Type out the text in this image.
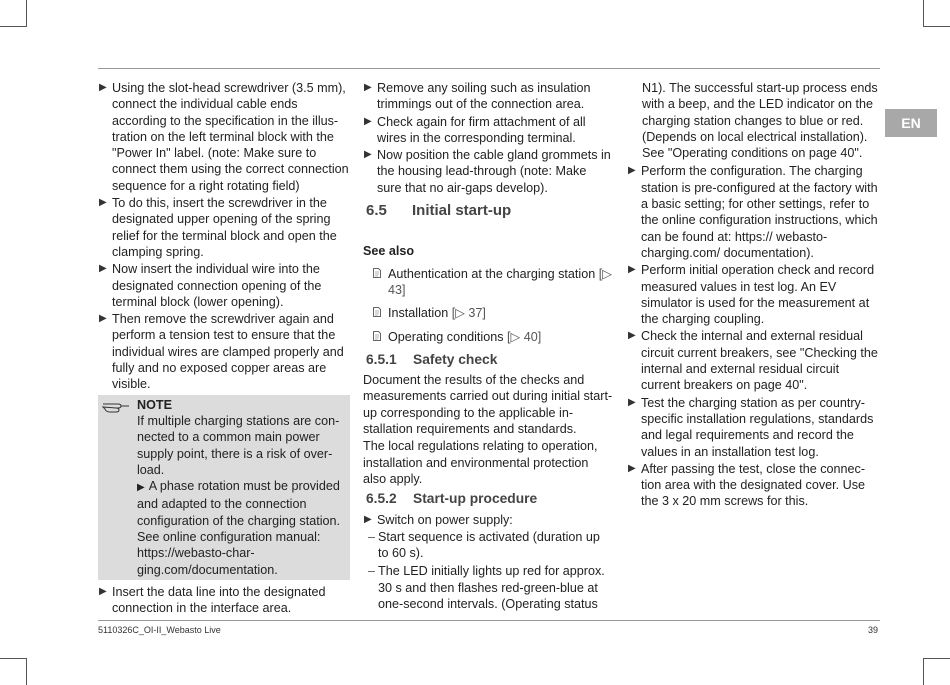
EN
▶ Using the slot-head screwdriver (3.5 mm), connect the individual cable ends according to the specification in the illustration on the left terminal block with the "Power In" label. (note: Make sure to connect them using the correct connection sequence for a right rotating field)
▶ To do this, insert the screwdriver in the designated upper opening of the spring relief for the terminal block and open the clamping spring.
▶ Now insert the individual wire into the designated connection opening of the terminal block (lower opening).
▶ Then remove the screwdriver again and perform a tension test to ensure that the individual wires are clamped properly and fully and no exposed copper areas are visible.
NOTE
If multiple charging stations are connected to a common main power supply point, there is a risk of overload.
▶ A phase rotation must be provided and adapted to the connection configuration of the charging station. See online configuration manual: https://webasto-charging.com/documentation.
▶ Insert the data line into the designated connection in the interface area.
▶ Remove any soiling such as insulation trimmings out of the connection area.
▶ Check again for firm attachment of all wires in the corresponding terminal.
▶ Now position the cable gland grommets in the housing lead-through (note: Make sure that no air-gaps develop).
6.5 Initial start-up
See also
Authentication at the charging station [▷ 43]
Installation [▷ 37]
Operating conditions [▷ 40]
6.5.1 Safety check
Document the results of the checks and measurements carried out during initial start-up corresponding to the applicable installation requirements and standards.
The local regulations relating to operation, installation and environmental protection also apply.
6.5.2 Start-up procedure
▶ Switch on power supply:
– Start sequence is activated (duration up to 60 s).
– The LED initially lights up red for approx. 30 s and then flashes red-green-blue at one-second intervals. (Operating status
N1). The successful start-up process ends with a beep, and the LED indicator on the charging station changes to blue or red. (Depends on local electrical installation). See "Operating conditions on page 40".
▶ Perform the configuration. The charging station is pre-configured at the factory with a basic setting; for other settings, refer to the online configuration instructions, which can be found at: https:// webasto-charging.com/ documentation).
▶ Perform initial operation check and record measured values in test log. An EV simulator is used for the measurement at the charging coupling.
▶ Check the internal and external residual circuit current breakers, see "Checking the internal and external residual circuit current breakers on page 40".
▶ Test the charging station as per country-specific installation regulations, standards and legal requirements and record the values in an installation test log.
▶ After passing the test, close the connection area with the designated cover. Use the 3 x 20 mm screws for this.
5110326C_OI-II_Webasto Live	39
